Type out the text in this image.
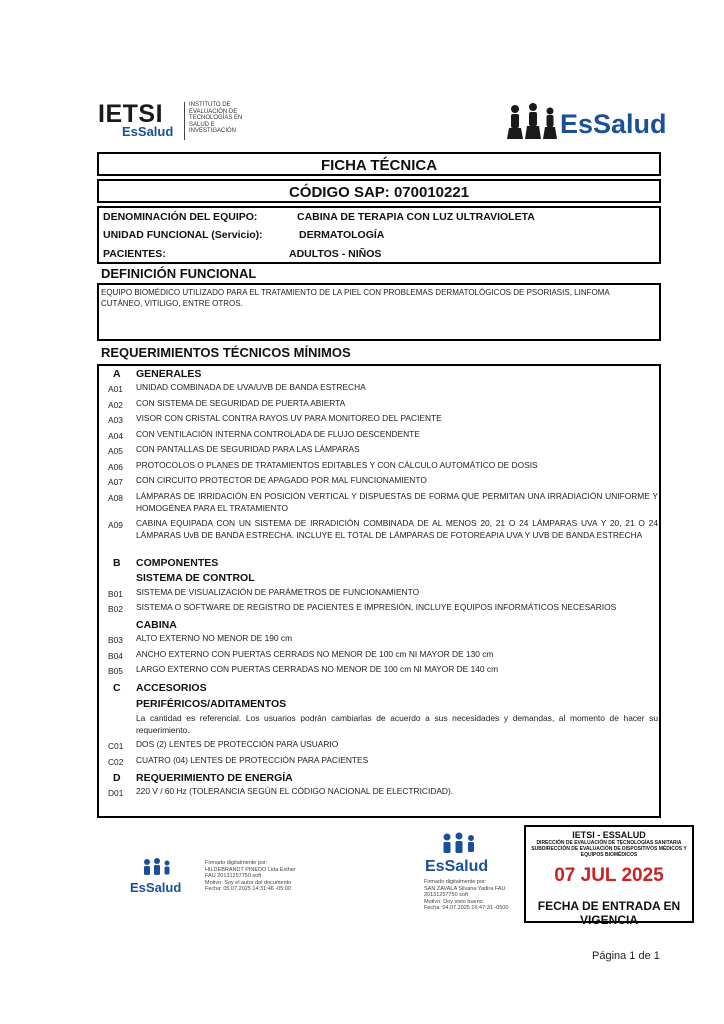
IETSI
EsSalud
INSTITUTO DE
EVALUACIÓN DE
TECNOLOGÍAS EN
SALUD E
INVESTIGACIÓN	EsSalud
FICHA TÉCNICA
CÓDIGO SAP: 070010221
DENOMINACIÓN DEL EQUIPO:	CABINA DE TERAPIA CON LUZ ULTRAVIOLETA
UNIDAD FUNCIONAL (Servicio):	DERMATOLOGÍA
PACIENTES:	ADULTOS - NIÑOS
DEFINICIÓN FUNCIONAL
EQUIPO BIOMÉDICO UTILIZADO PARA EL TRATAMIENTO DE LA PIEL CON PROBLEMAS DERMATOLÓGICOS DE PSORIASIS, LINFOMA CUTÁNEO, VITILIGO, ENTRE OTROS.
REQUERIMIENTOS TÉCNICOS MÍNIMOS
A GENERALES
A01 UNIDAD COMBINADA DE UVA/UVB DE BANDA ESTRECHA
A02 CON SISTEMA DE SEGURIDAD DE PUERTA ABIERTA
A03 VISOR CON CRISTAL CONTRA RAYOS UV PARA MONITOREO DEL PACIENTE
A04 CON VENTILACIÓN INTERNA CONTROLADA DE FLUJO DESCENDENTE
A05 CON PANTALLAS DE SEGURIDAD PARA LAS LÁMPARAS
A06 PROTOCOLOS O PLANES DE TRATAMIENTOS EDITABLES Y CON CÁLCULO AUTOMÁTICO DE DOSIS
A07 CON CIRCUITO PROTECTOR DE APAGADO POR MAL FUNCIONAMIENTO
A08 LÁMPARAS DE IRRIDACIÓN EN POSICIÓN VERTICAL Y DISPUESTAS DE FORMA QUE PERMITAN UNA IRRADIACIÓN UNIFORME Y HOMOGÉNEA PARA EL TRATAMIENTO
A09 CABINA EQUIPADA CON UN SISTEMA DE IRRADICIÓN COMBINADA DE AL MENOS 20, 21 O 24 LÁMPARAS UVA Y 20, 21 O 24 LÁMPARAS UvB DE BANDA ESTRECHA. INCLUYE EL TOTAL DE LÁMPARAS DE FOTOREAPIA UVA Y UVB DE BANDA ESTRECHA
B COMPONENTES
SISTEMA DE CONTROL
B01 SISTEMA DE VISUALIZACIÓN DE PARÁMETROS DE FUNCIONAMIENTO
B02 SISTEMA O SOFTWARE DE REGISTRO DE PACIENTES E IMPRESIÓN, INCLUYE EQUIPOS INFORMÁTICOS NECESARIOS
CABINA
B03 ALTO EXTERNO NO MENOR DE 190 cm
B04 ANCHO EXTERNO CON PUERTAS CERRADS NO MENOR DE 100 cm NI MAYOR DE 130 cm
B05 LARGO EXTERNO CON PUERTAS CERRADAS NO MENOR DE 100 cm NI MAYOR DE 140 cm
C ACCESORIOS
PERIFÉRICOS/ADITAMENTOS
La cantidad es referencial. Los usuarios podrán cambiarlas de acuerdo a sus necesidades y demandas, al momento de hacer su requerimiento.
C01 DOS (2) LENTES DE PROTECCIÓN PARA USUARIO
C02 CUATRO (04) LENTES DE PROTECCIÓN PARA PACIENTES
D REQUERIMIENTO DE ENERGÍA
D01 220 V / 60 Hz (TOLERANCIA SEGÚN EL CÓDIGO NACIONAL DE ELECTRICIDAD).
EsSalud
Firmado digitalmente por:
HILDEBRANDT PINEDO Lida Esther
FAU 20131257750 soft
Motivo: Soy el autor del documento
Fecha: 05.07.2025 14:31:46 -05:00
EsSalud
Firmado digitalmente por:
SAN ZAVALA Silvana Yadira FAU
20131257750 soft
Motivo: Doy visto bueno.
Fecha: 04.07.2025 16:47:31 -0500
IETSI - ESSALUD
DIRECCIÓN DE EVALUACIÓN DE TECNOLOGÍAS SANITARIA SUBDIRECCIÓN DE EVALUACIÓN DE DISPOSITIVOS MÉDICOS Y EQUIPOS BIOMÉDICOS
07 JUL 2025
FECHA DE ENTRADA EN VIGENCIA
Página 1 de 1
